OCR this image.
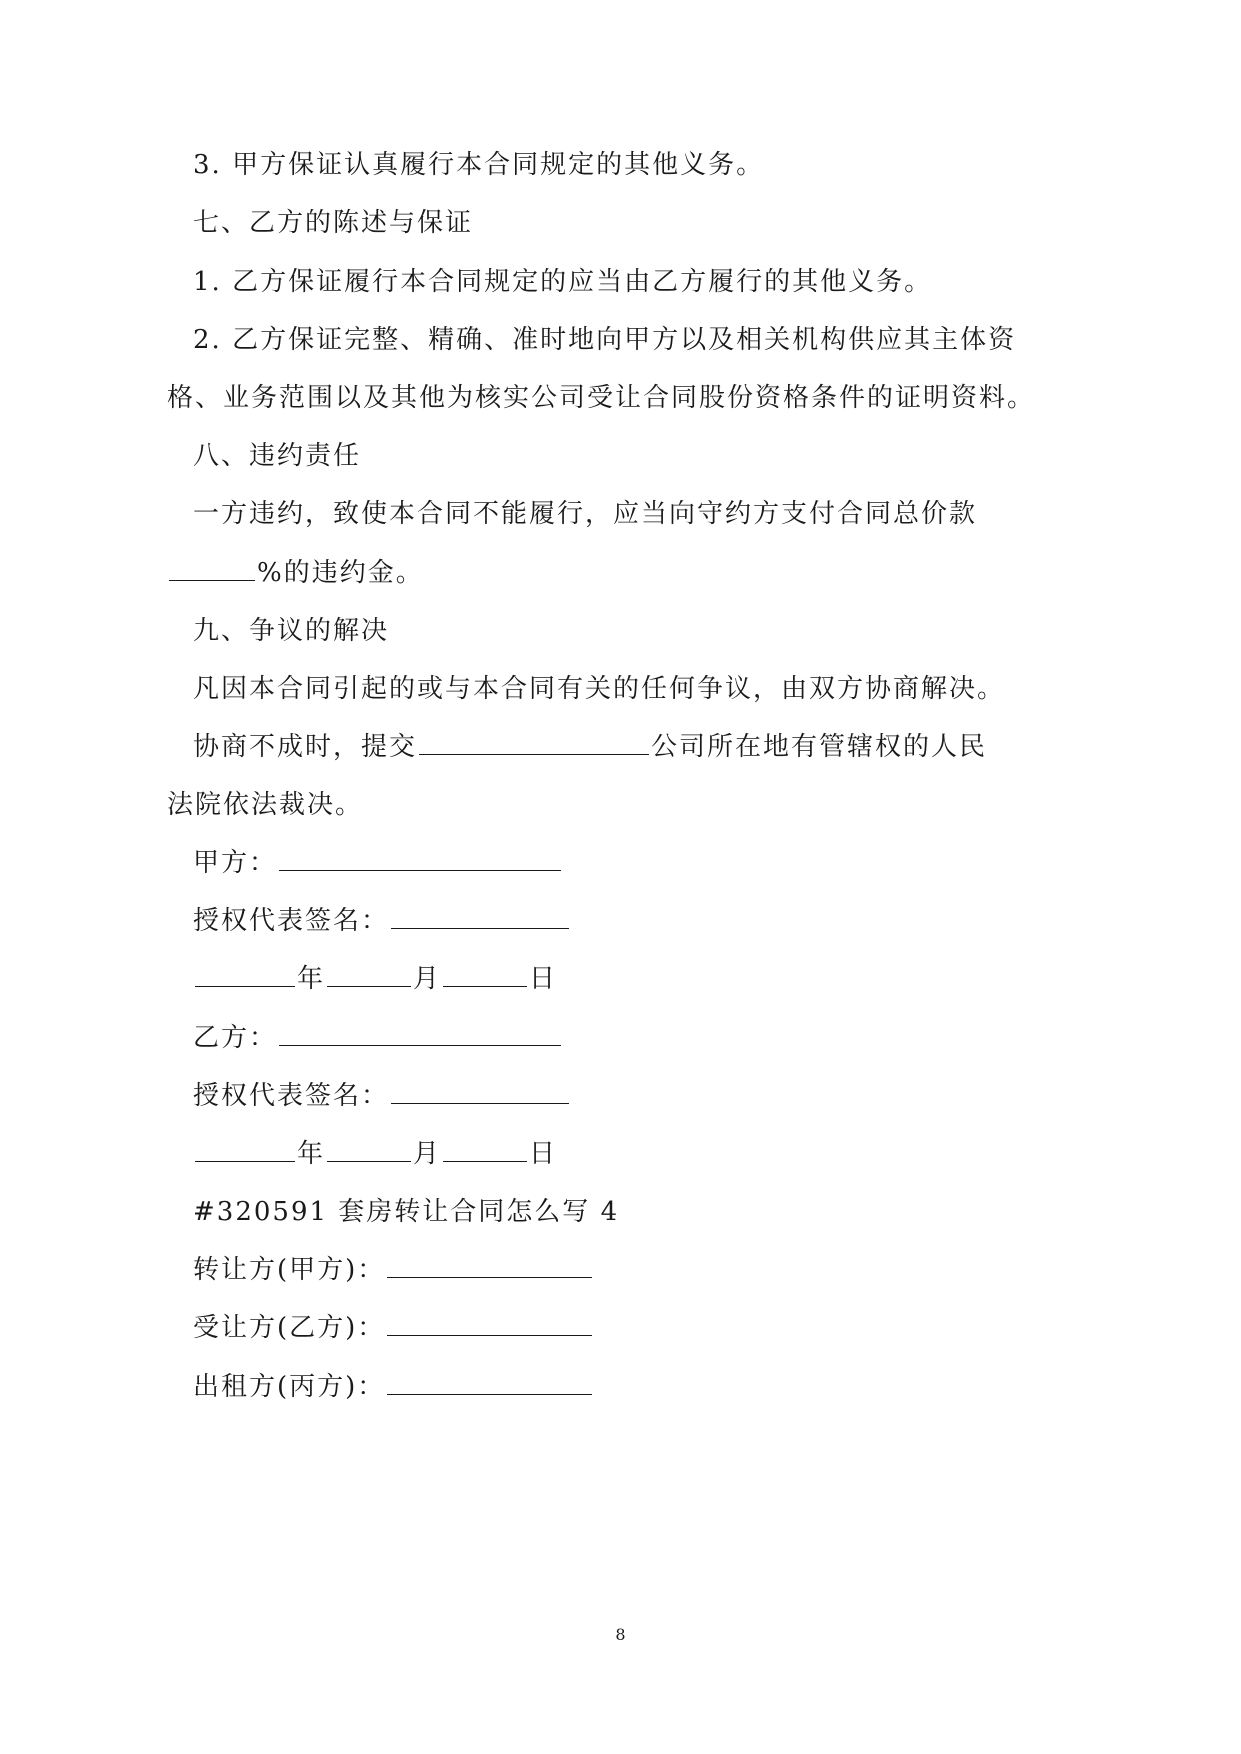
3. 甲方保证认真履行本合同规定的其他义务。
七、乙方的陈述与保证
1. 乙方保证履行本合同规定的应当由乙方履行的其他义务。
2. 乙方保证完整、精确、准时地向甲方以及相关机构供应其主体资
格、业务范围以及其他为核实公司受让合同股份资格条件的证明资料。
八、违约责任
一方违约，致使本合同不能履行，应当向守约方支付合同总价款
%的违约金。
九、争议的解决
凡因本合同引起的或与本合同有关的任何争议，由双方协商解决。
协商不成时，提交	公司所在地有管辖权的人民
法院依法裁决。
甲方：
授权代表签名：
年	月	日
乙方：
授权代表签名：
年	月	日
#320591 套房转让合同怎么写 4
转让方(甲方)：
受让方(乙方)：
出租方(丙方)：
8
